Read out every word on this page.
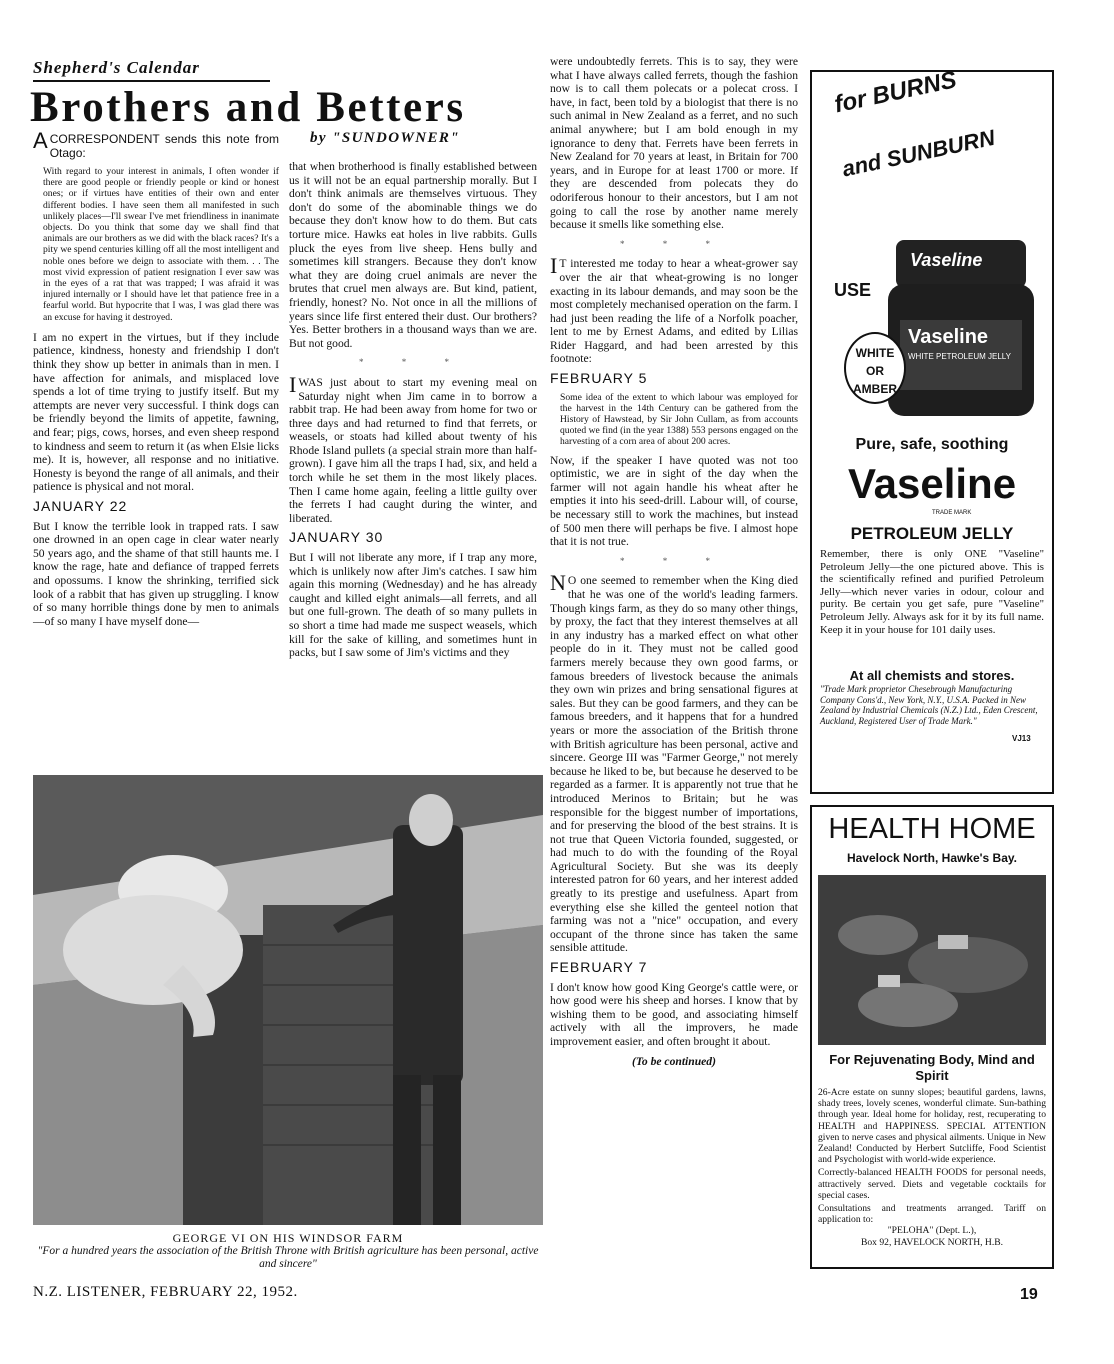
Shepherd's Calendar
Brothers and Betters
by "SUNDOWNER"

A CORRESPONDENT sends this note from Otago:

With regard to your interest in animals, I often wonder if there are good people or friendly people or kind or honest ones; or if virtues have entities of their own and enter different bodies. I have seen them all manifested in such unlikely places—I'll swear I've met friendliness in inanimate objects. Do you think that some day we shall find that animals are our brothers as we did with the black races? It's a pity we spend centuries killing off all the most intelligent and noble ones before we deign to associate with them. . . The most vivid expression of patient resignation I ever saw was in the eyes of a rat that was trapped; I was afraid it was injured internally or I should have let that patience free in a fearful world. But hypocrite that I was, I was glad there was an excuse for having it destroyed.

I am no expert in the virtues, but if they include patience, kindness, honesty and friendship I don't think they show up better in animals than in men. I have affection for animals, and misplaced love spends a lot of time trying to justify itself. But my attempts are never very successful. I think dogs can be friendly beyond the limits of appetite, fawning, and fear; pigs, cows, horses, and even sheep respond to kindness and seem to return it (as when Elsie licks me). It is, however, all response and no initiative. Honesty is beyond the range of all animals, and their patience is physical and not moral.

JANUARY 22

But I know the terrible look in trapped rats. I saw one drowned in an open cage in clear water nearly 50 years ago, and the shame of that still haunts me. I know the rage, hate and defiance of trapped ferrets and opossums. I know the shrinking, terrified sick look of a rabbit that has given up struggling. I know of so many horrible things done by men to animals—of so many I have myself done—

that when brotherhood is finally established between us it will not be an equal partnership morally. But I don't think animals are themselves virtuous. They don't do some of the abominable things we do because they don't know how to do them. But cats torture mice. Hawks eat holes in live rabbits. Gulls pluck the eyes from live sheep. Hens bully and sometimes kill strangers. Because they don't know what they are doing cruel animals are never the brutes that cruel men always are. But kind, patient, friendly, honest? No. Not once in all the millions of years since life first entered their dust. Our brothers? Yes. Better brothers in a thousand ways than we are. But not good.

* * *

I WAS just about to start my evening meal on Saturday night when Jim came in to borrow a rabbit trap. He had been away from home for two or three days and had returned to find that ferrets, or weasels, or stoats had killed about twenty of his Rhode Island pullets (a special strain more than half-grown). I gave him all the traps I had, six, and held a torch while he set them in the most likely places. Then I came home again, feeling a little guilty over the ferrets I had caught during the winter, and liberated.

JANUARY 30

But I will not liberate any more, if I trap any more, which is unlikely now after Jim's catches. I saw him again this morning (Wednesday) and he has already caught and killed eight animals—all ferrets, and all but one full-grown. The death of so many pullets in so short a time had made me suspect weasels, which kill for the sake of killing, and sometimes hunt in packs, but I saw some of Jim's victims and they

GEORGE VI ON HIS WINDSOR FARM
"For a hundred years the association of the British Throne with British agriculture has been personal, active and sincere"

were undoubtedly ferrets. This is to say, they were what I have always called ferrets, though the fashion now is to call them polecats or a polecat cross. I have, in fact, been told by a biologist that there is no such animal in New Zealand as a ferret, and no such animal anywhere; but I am bold enough in my ignorance to deny that. Ferrets have been ferrets in New Zealand for 70 years at least, in Britain for 700 years, and in Europe for at least 1700 or more. If they are descended from polecats they do odoriferous honour to their ancestors, but I am not going to call the rose by another name merely because it smells like something else.

* * *

I T interested me today to hear a wheat-grower say over the air that wheat-growing is no longer exacting in its labour demands, and may soon be the most completely mechanised operation on the farm. I had just been reading the life of a Norfolk poacher, lent to me by Ernest Adams, and edited by Lilias Rider Haggard, and had been arrested by this footnote:

FEBRUARY 5

Some idea of the extent to which labour was employed for the harvest in the 14th Century can be gathered from the History of Hawstead, by Sir John Cullam, as from accounts quoted we find (in the year 1388) 553 persons engaged on the harvesting of a corn area of about 200 acres.

Now, if the speaker I have quoted was not too optimistic, we are in sight of the day when the farmer will not again handle his wheat after he empties it into his seed-drill. Labour will, of course, be necessary still to work the machines, but instead of 500 men there will perhaps be five. I almost hope that it is not true.

* * *

N O one seemed to remember when the King died that he was one of the world's leading farmers. Though kings farm, as they do so many other things, by proxy, the fact that they interest themselves at all in any industry has a marked effect on what other people do in it. They must not be called good farmers merely because they own good farms, or famous breeders of livestock because the animals they own win prizes and bring sensational figures at sales. But they can be good farmers, and they can be famous breeders, and it happens that for a hundred years or more the association of the British throne with British agriculture has been personal, active and sincere. George III was "Farmer George," not merely because he liked to be, but because he deserved to be regarded as a farmer. It is apparently not true that he introduced Merinos to Britain; but he was responsible for the biggest number of importations, and for preserving the blood of the best strains. It is not true that Queen Victoria founded, suggested, or had much to do with the founding of the Royal Agricultural Society. But she was its deeply interested patron for 60 years, and her interest added greatly to its prestige and usefulness. Apart from everything else she killed the genteel notion that farming was not a "nice" occupation, and every occupant of the throne since has taken the same sensible attitude.

FEBRUARY 7

I don't know how good King George's cattle were, or how good were his sheep and horses. I know that by wishing them to be good, and associating himself actively with all the improvers, he made improvement easier, and often brought it about.

(To be continued)
for BURNS
and SUNBURN
USE
Vaseline
Vaseline
WHITE PETROLEUM JELLY
WHITE
OR
AMBER
Pure, safe, soothing
Vaseline
TRADE MARK
PETROLEUM JELLY
Remember, there is only ONE "Vaseline" Petroleum Jelly—the one pictured above. This is the scientifically refined and purified Petroleum Jelly—which never varies in odour, colour and purity. Be certain you get safe, pure "Vaseline" Petroleum Jelly. Always ask for it by its full name. Keep it in your house for 101 daily uses.
At all chemists and stores.
"Trade Mark proprietor Chesebrough Manufacturing Company Cons'd., New York, N.Y., U.S.A. Packed in New Zealand by Industrial Chemicals (N.Z.) Ltd., Eden Crescent, Auckland, Registered User of Trade Mark."
VJ13
HEALTH HOME
Havelock North, Hawke's Bay.
For Rejuvenating Body, Mind and Spirit
26-Acre estate on sunny slopes; beautiful gardens, lawns, shady trees, lovely scenes, wonderful climate. Sun-bathing through year. Ideal home for holiday, rest, recuperating to HEALTH and HAPPINESS. SPECIAL ATTENTION given to nerve cases and physical ailments. Unique in New Zealand! Conducted by Herbert Sutcliffe, Food Scientist and Psychologist with world-wide experience.
Correctly-balanced HEALTH FOODS for personal needs, attractively served. Diets and vegetable cocktails for special cases.
Consultations and treatments arranged. Tariff on application to:
"PELOHA" (Dept. L.),
Box 92, HAVELOCK NORTH, H.B.
N.Z. LISTENER, FEBRUARY 22, 1952.	19
